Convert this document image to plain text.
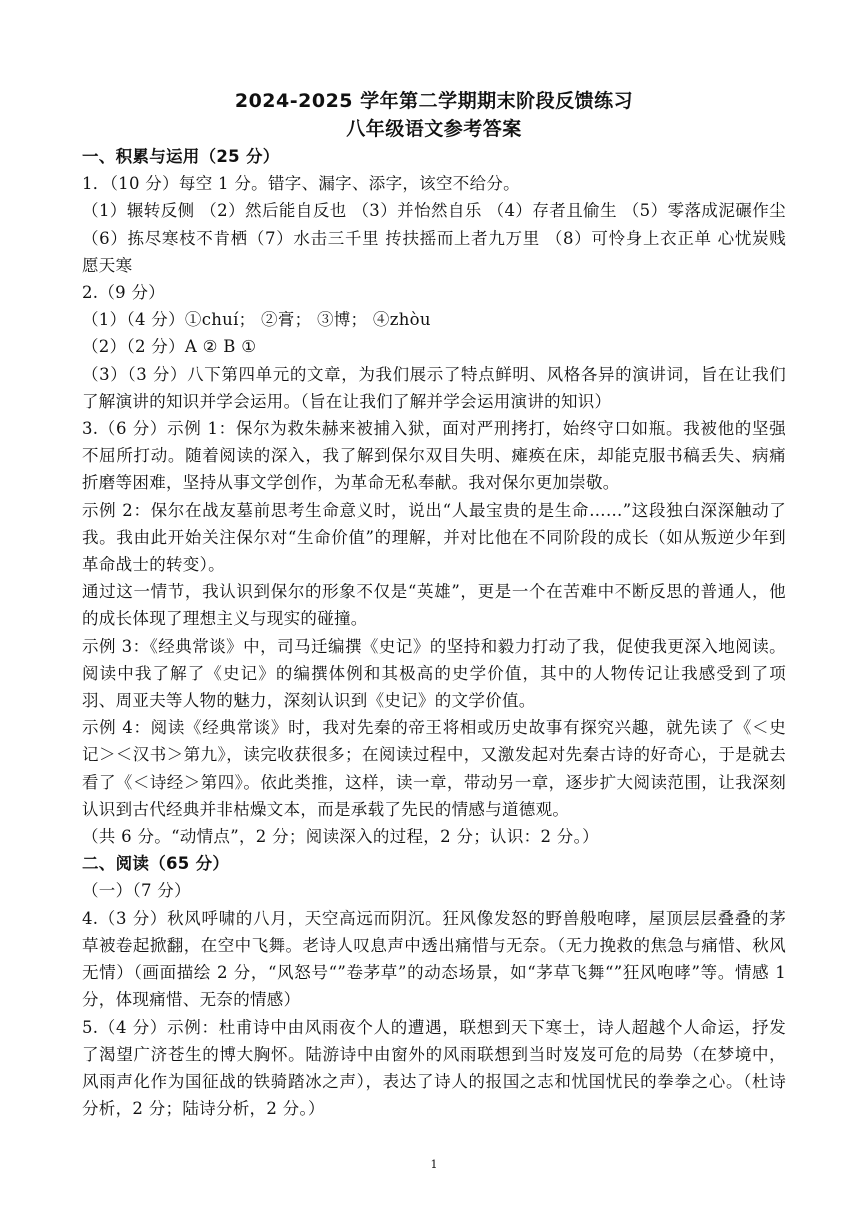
2024-2025 学年第二学期期末阶段反馈练习
八年级语文参考答案

一、积累与运用（25 分）

1．（10 分）每空 1 分。错字、漏字、添字，该空不给分。

（1）辗转反侧 （2）然后能自反也 （3）并怡然自乐 （4）存者且偷生 （5）零落成泥碾作尘 （6）拣尽寒枝不肯栖（7）水击三千里 抟扶摇而上者九万里 （8）可怜身上衣正单 心忧炭贱愿天寒

2.（9 分）

（1）（4 分）①chuí； ②膏； ③博； ④zhòu

（2）（2 分）A ② B ①

（3）（3 分）八下第四单元的文章，为我们展示了特点鲜明、风格各异的演讲词，旨在让我们了解演讲的知识并学会运用。（旨在让我们了解并学会运用演讲的知识）

3.（6 分）示例 1：保尔为救朱赫来被捕入狱，面对严刑拷打，始终守口如瓶。我被他的坚强不屈所打动。随着阅读的深入，我了解到保尔双目失明、瘫痪在床，却能克服书稿丢失、病痛折磨等困难，坚持从事文学创作，为革命无私奉献。我对保尔更加崇敬。

示例 2：保尔在战友墓前思考生命意义时，说出“人最宝贵的是生命……”这段独白深深触动了我。我由此开始关注保尔对“生命价值”的理解，并对比他在不同阶段的成长（如从叛逆少年到革命战士的转变）。

通过这一情节，我认识到保尔的形象不仅是“英雄”，更是一个在苦难中不断反思的普通人，他的成长体现了理想主义与现实的碰撞。

示例 3：《经典常谈》中，司马迁编撰《史记》的坚持和毅力打动了我，促使我更深入地阅读。阅读中我了解了《史记》的编撰体例和其极高的史学价值，其中的人物传记让我感受到了项羽、周亚夫等人物的魅力，深刻认识到《史记》的文学价值。

示例 4：阅读《经典常谈》时，我对先秦的帝王将相或历史故事有探究兴趣，就先读了《＜史记＞＜汉书＞第九》，读完收获很多；在阅读过程中，又激发起对先秦古诗的好奇心，于是就去看了《＜诗经＞第四》。依此类推，这样，读一章，带动另一章，逐步扩大阅读范围，让我深刻认识到古代经典并非枯燥文本，而是承载了先民的情感与道德观。

（共 6 分。“动情点”，2 分；阅读深入的过程，2 分；认识：2 分。）

二、阅读（65 分）

（一）（7 分）

4.（3 分）秋风呼啸的八月，天空高远而阴沉。狂风像发怒的野兽般咆哮，屋顶层层叠叠的茅草被卷起掀翻，在空中飞舞。老诗人叹息声中透出痛惜与无奈。（无力挽救的焦急与痛惜、秋风无情）（画面描绘 2 分，“风怒号“”卷茅草”的动态场景，如“茅草飞舞“”狂风咆哮”等。情感 1 分，体现痛惜、无奈的情感）

5.（4 分）示例：杜甫诗中由风雨夜个人的遭遇，联想到天下寒士，诗人超越个人命运，抒发了渴望广济苍生的博大胸怀。陆游诗中由窗外的风雨联想到当时岌岌可危的局势（在梦境中，风雨声化作为国征战的铁骑踏冰之声），表达了诗人的报国之志和忧国忧民的拳拳之心。（杜诗分析，2 分；陆诗分析，2 分。）

1
